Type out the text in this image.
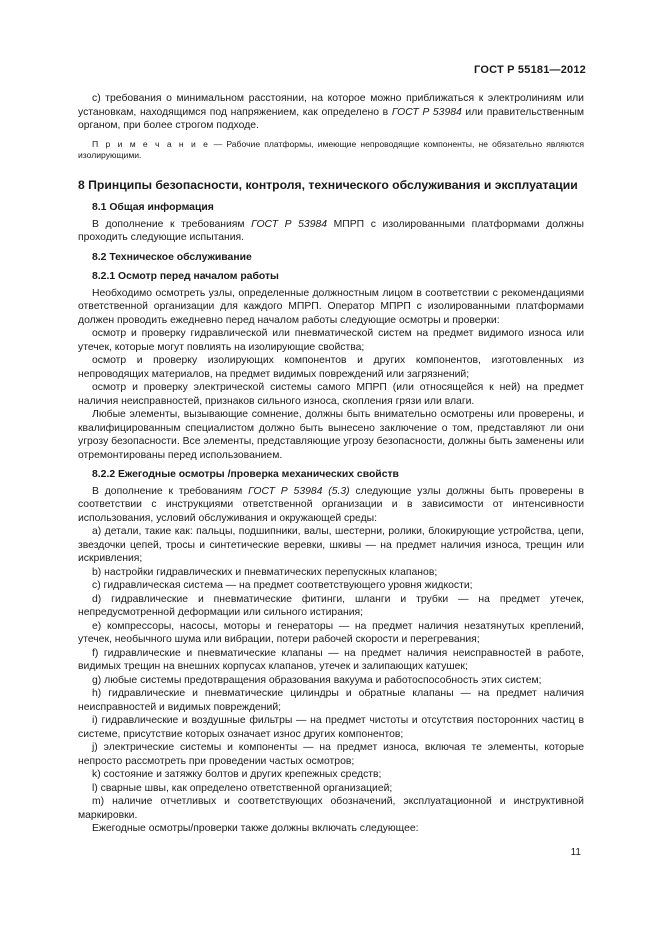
ГОСТ Р 55181—2012

c) требования о минимальном расстоянии, на которое можно приближаться к электролиниям или установкам, находящимся под напряжением, как определено в ГОСТ Р 53984 или правительственным органом, при более строгом подходе.

П р и м е ч а н и е — Рабочие платформы, имеющие непроводящие компоненты, не обязательно являются изолирующими.

8 Принципы безопасности, контроля, технического обслуживания и эксплуатации

8.1 Общая информация

В дополнение к требованиям ГОСТ Р 53984 МПРП с изолированными платформами должны проходить следующие испытания.

8.2 Техническое обслуживание

8.2.1 Осмотр перед началом работы

Необходимо осмотреть узлы, определенные должностным лицом в соответствии с рекомендациями ответственной организации для каждого МПРП. Оператор МПРП с изолированными платформами должен проводить ежедневно перед началом работы следующие осмотры и проверки:

осмотр и проверку гидравлической или пневматической систем на предмет видимого износа или утечек, которые могут повлиять на изолирующие свойства;

осмотр и проверку изолирующих компонентов и других компонентов, изготовленных из непроводящих материалов, на предмет видимых повреждений или загрязнений;

осмотр и проверку электрической системы самого МПРП (или относящейся к ней) на предмет наличия неисправностей, признаков сильного износа, скопления грязи или влаги.

Любые элементы, вызывающие сомнение, должны быть внимательно осмотрены или проверены, и квалифицированным специалистом должно быть вынесено заключение о том, представляют ли они угрозу безопасности. Все элементы, представляющие угрозу безопасности, должны быть заменены или отремонтированы перед использованием.

8.2.2 Ежегодные осмотры /проверка механических свойств

В дополнение к требованиям ГОСТ Р 53984 (5.3) следующие узлы должны быть проверены в соответствии с инструкциями ответственной организации и в зависимости от интенсивности использования, условий обслуживания и окружающей среды:

а) детали, такие как: пальцы, подшипники, валы, шестерни, ролики, блокирующие устройства, цепи, звездочки цепей, тросы и синтетические веревки, шкивы — на предмет наличия износа, трещин или искривления;

b) настройки гидравлических и пневматических перепускных клапанов;

c) гидравлическая система — на предмет соответствующего уровня жидкости;

d) гидравлические и пневматические фитинги, шланги и трубки — на предмет утечек, непредусмотренной деформации или сильного истирания;

e) компрессоры, насосы, моторы и генераторы — на предмет наличия незатянутых креплений, утечек, необычного шума или вибрации, потери рабочей скорости и перегревания;

f) гидравлические и пневматические клапаны — на предмет наличия неисправностей в работе, видимых трещин на внешних корпусах клапанов, утечек и залипающих катушек;

g) любые системы предотвращения образования вакуума и работоспособность этих систем;

h) гидравлические и пневматические цилиндры и обратные клапаны — на предмет наличия неисправностей и видимых повреждений;

i) гидравлические и воздушные фильтры — на предмет чистоты и отсутствия посторонних частиц в системе, присутствие которых означает износ других компонентов;

j) электрические системы и компоненты — на предмет износа, включая те элементы, которые непросто рассмотреть при проведении частых осмотров;

k) состояние и затяжку болтов и других крепежных средств;

l) сварные швы, как определено ответственной организацией;

m) наличие отчетливых и соответствующих обозначений, эксплуатационной и инструктивной маркировки.

Ежегодные осмотры/проверки также должны включать следующее:

11
